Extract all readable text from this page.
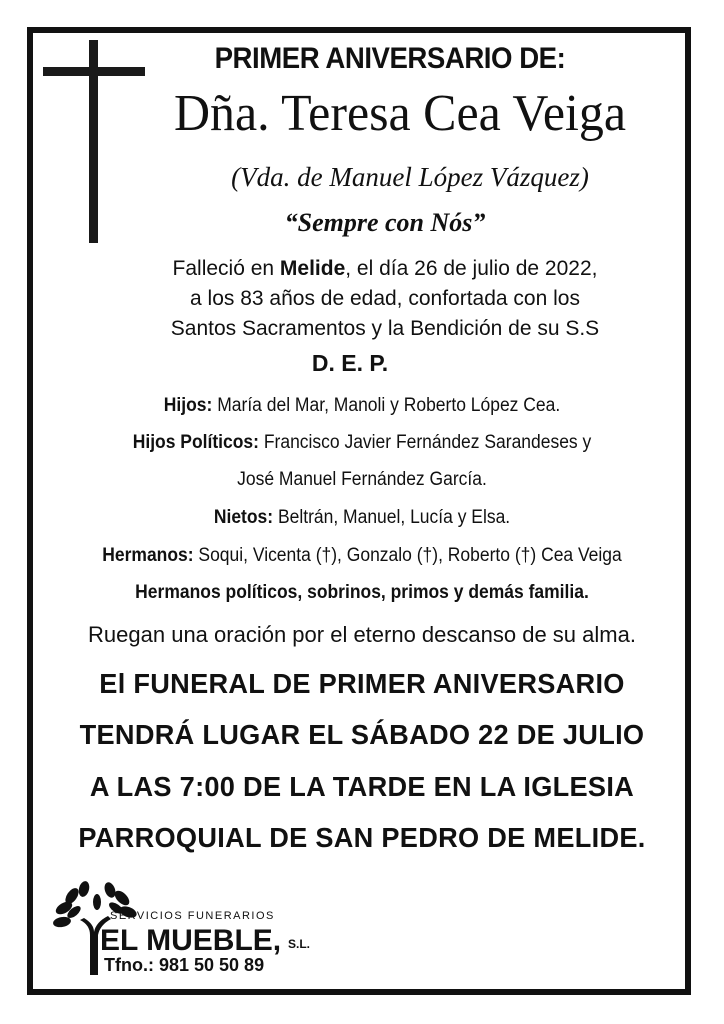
PRIMER ANIVERSARIO DE:
Dña. Teresa Cea Veiga
(Vda. de Manuel López Vázquez)
“Sempre con Nós”
Falleció en Melide, el día 26 de julio de 2022,
a los 83 años de edad, confortada con los
Santos Sacramentos y la Bendición de su S.S
D. E. P.
Hijos: María del Mar, Manoli y Roberto López Cea.
Hijos Políticos: Francisco Javier Fernández Sarandeses y
José Manuel Fernández García.
Nietos: Beltrán, Manuel, Lucía y Elsa.
Hermanos: Soqui, Vicenta (†), Gonzalo (†), Roberto (†) Cea Veiga
Hermanos políticos, sobrinos, primos y demás familia.
Ruegan una oración por el eterno descanso de su alma.
El FUNERAL DE PRIMER ANIVERSARIO
TENDRÁ LUGAR EL SÁBADO 22 DE JULIO
A LAS 7:00 DE LA TARDE EN LA IGLESIA
PARROQUIAL DE SAN PEDRO DE MELIDE.
SERVICIOS FUNERARIOS
EL MUEBLE, S.L.
Tfno.: 981 50 50 89
